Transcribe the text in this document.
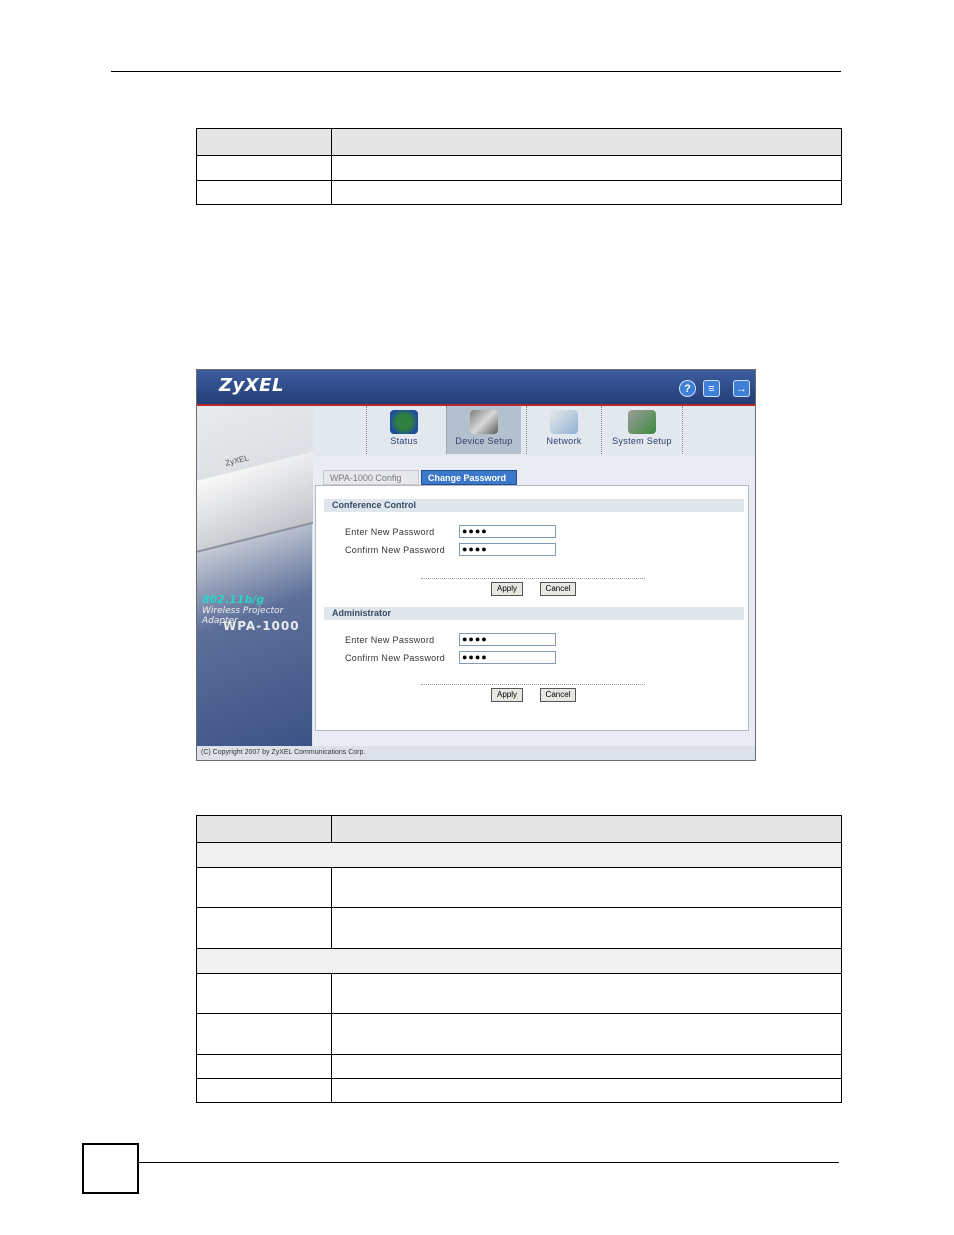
ZyXEL	?	≡	→
ZyXEL
802.11b/g
Wireless Projector Adapter
WPA-1000
Status	Device Setup	Network	System Setup
WPA-1000 Config	Change Password
Conference Control
Enter New Password	●●●●
Confirm New Password	●●●●
Apply	Cancel
Administrator
Enter New Password	●●●●
Confirm New Password	●●●●
Apply	Cancel
(C) Copyright 2007 by ZyXEL Communications Corp.
